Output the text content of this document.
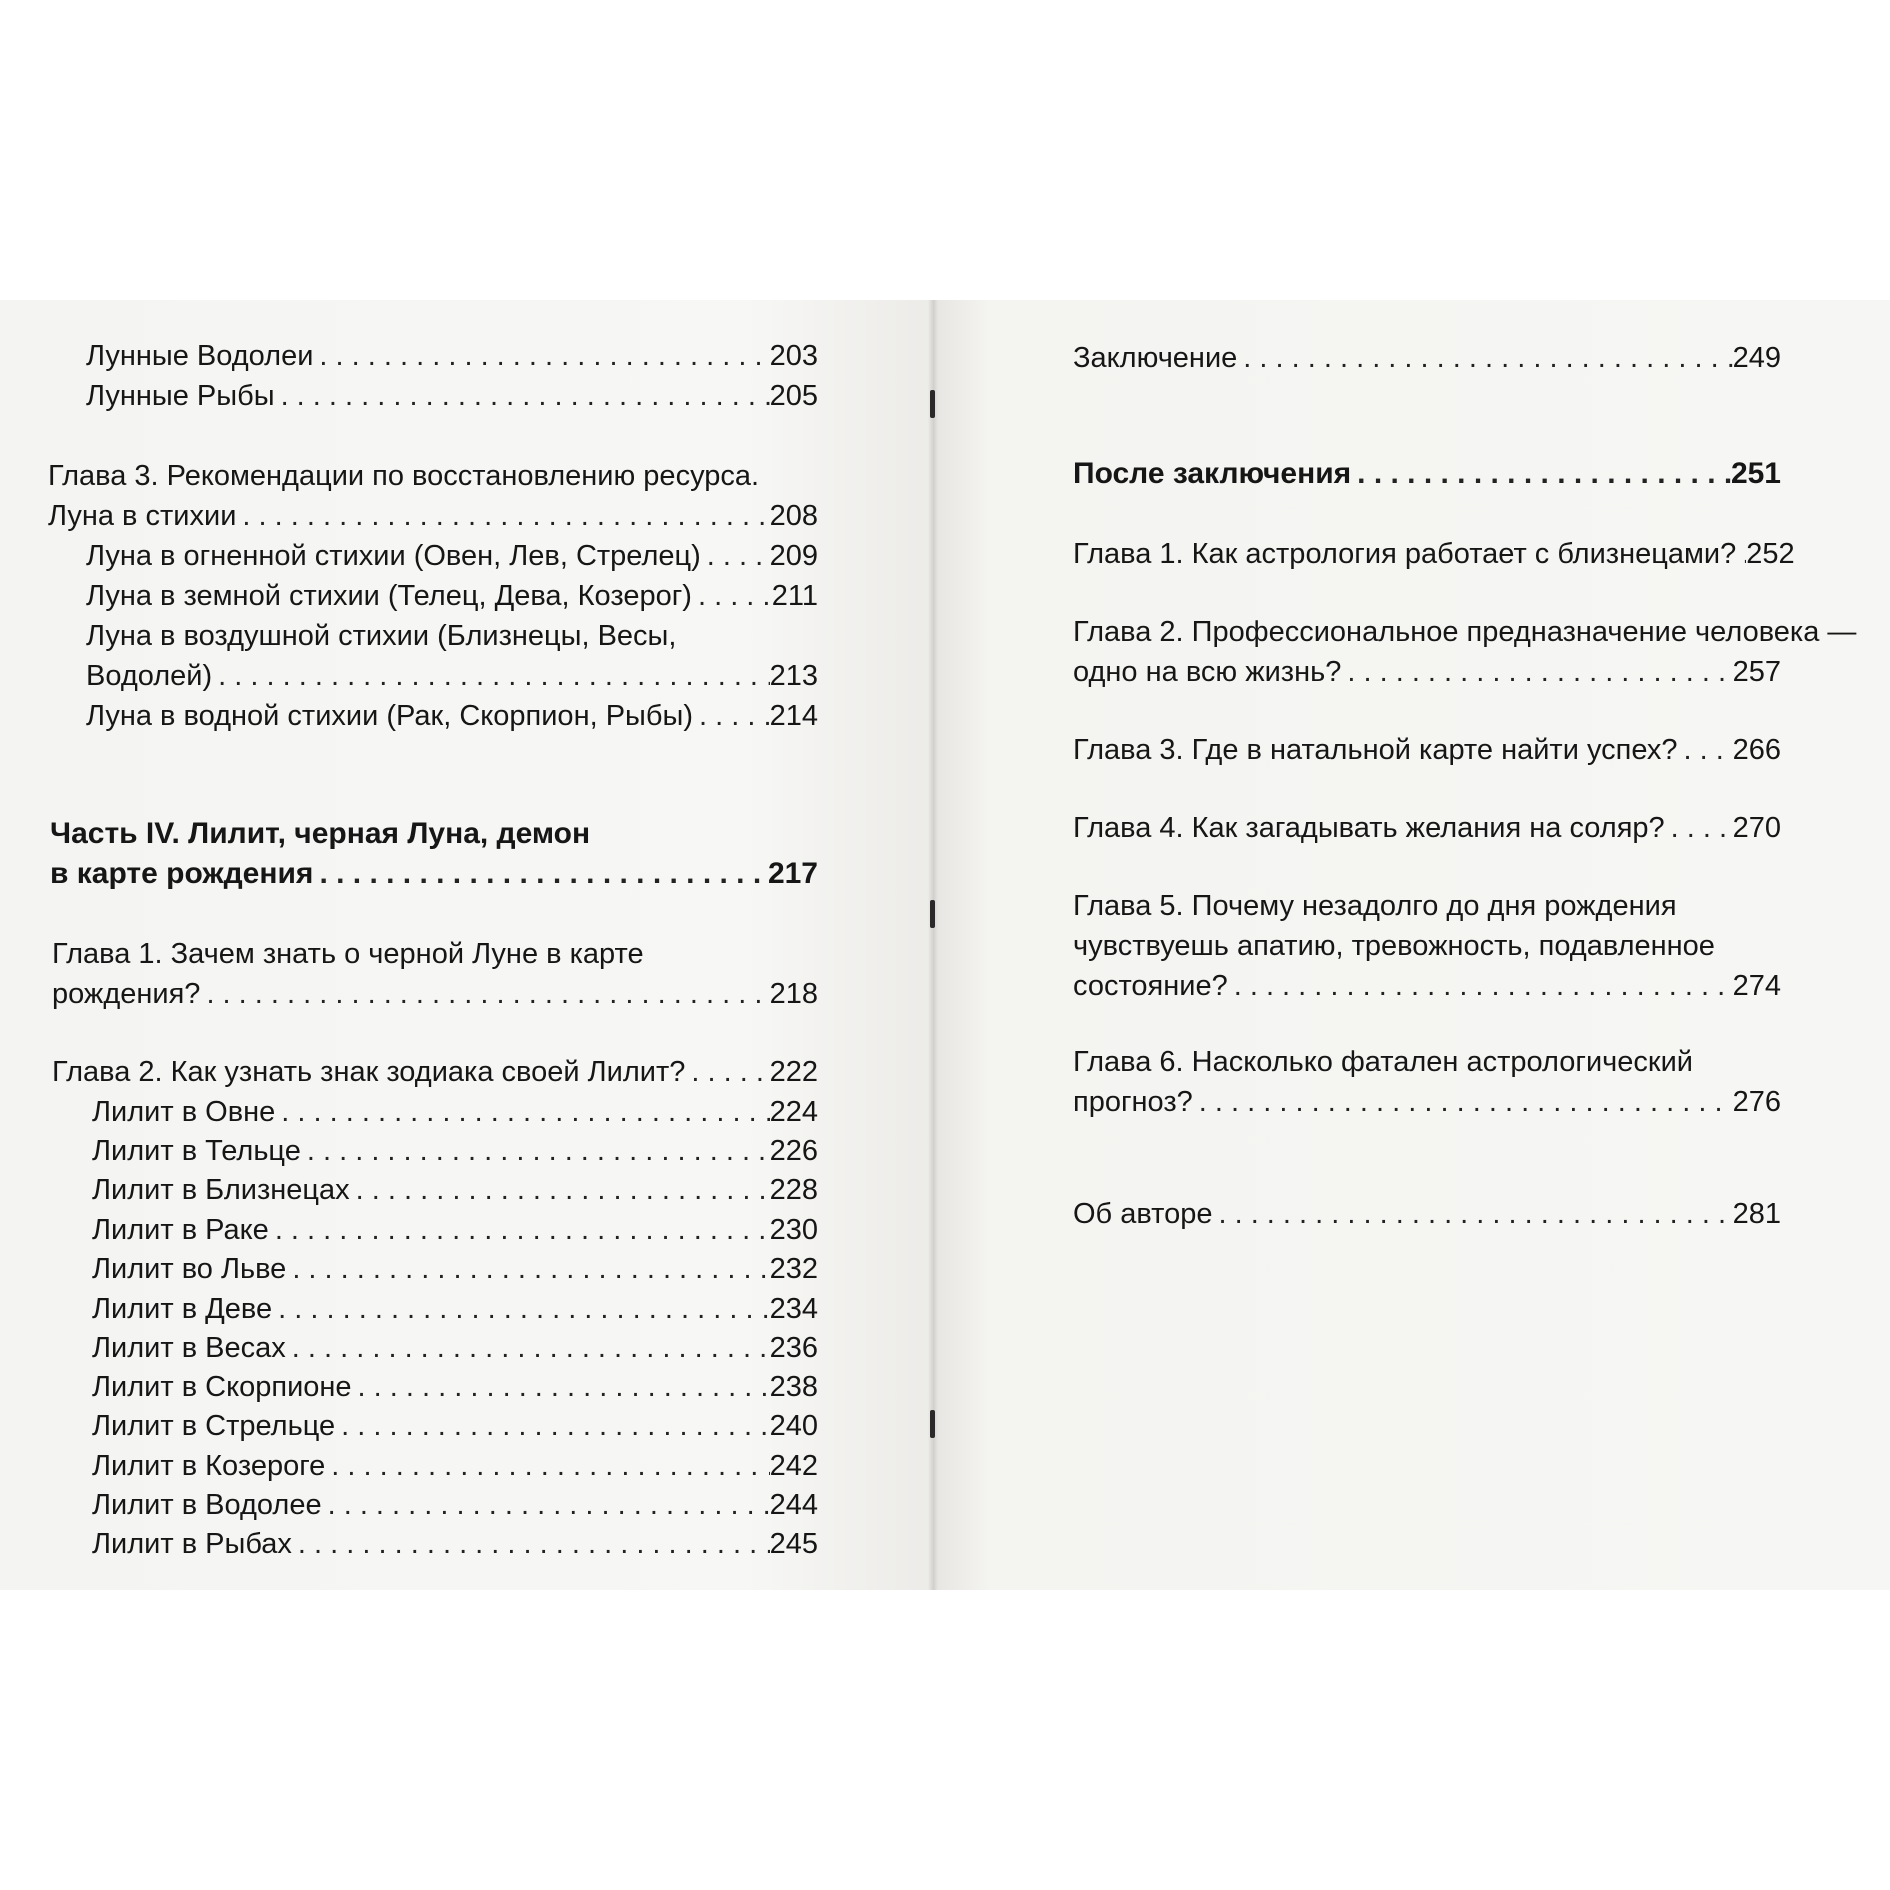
Лунные Водолеи . . .	203
Лунные Рыбы . . .	205
Глава 3. Рекомендации по восстановлению ресурса.
Луна в стихии . . .	208
Луна в огненной стихии (Овен, Лев, Стрелец) . . . 209
Луна в земной стихии (Телец, Дева, Козерог) . . .	211
Луна в воздушной стихии (Близнецы, Весы,
Водолей) . . .	213
Луна в водной стихии (Рак, Скорпион, Рыбы) . . .	214
Часть IV. Лилит, черная Луна, демон
в карте рождения . . .	217
Глава 1. Зачем знать о черной Луне в карте
рождения? . . .	218
Глава 2. Как узнать знак зодиака своей Лилит? . . .	222
Лилит в Овне . . .	224
Лилит в Тельце . . .	226
Лилит в Близнецах . . .	228
Лилит в Раке . . .	230
Лилит во Льве . . .	232
Лилит в Деве . . .	234
Лилит в Весах . . .	236
Лилит в Скорпионе . . .	238
Лилит в Стрельце . . .	240
Лилит в Козероге . . .	242
Лилит в Водолее . . .	244
Лилит в Рыбах . . .	245
Заключение . . .	249
После заключения . . .	251
Глава 1. Как астрология работает с близнецами? . . . 252
Глава 2. Профессиональное предназначение человека —
одно на всю жизнь? . . .	257
Глава 3. Где в натальной карте найти успех? . . . 266
Глава 4. Как загадывать желания на соляр? . . . 270
Глава 5. Почему незадолго до дня рождения
чувствуешь апатию, тревожность, подавленное
состояние? . . .	274
Глава 6. Насколько фатален астрологический
прогноз? . . .	276
Об авторе . . .	281
